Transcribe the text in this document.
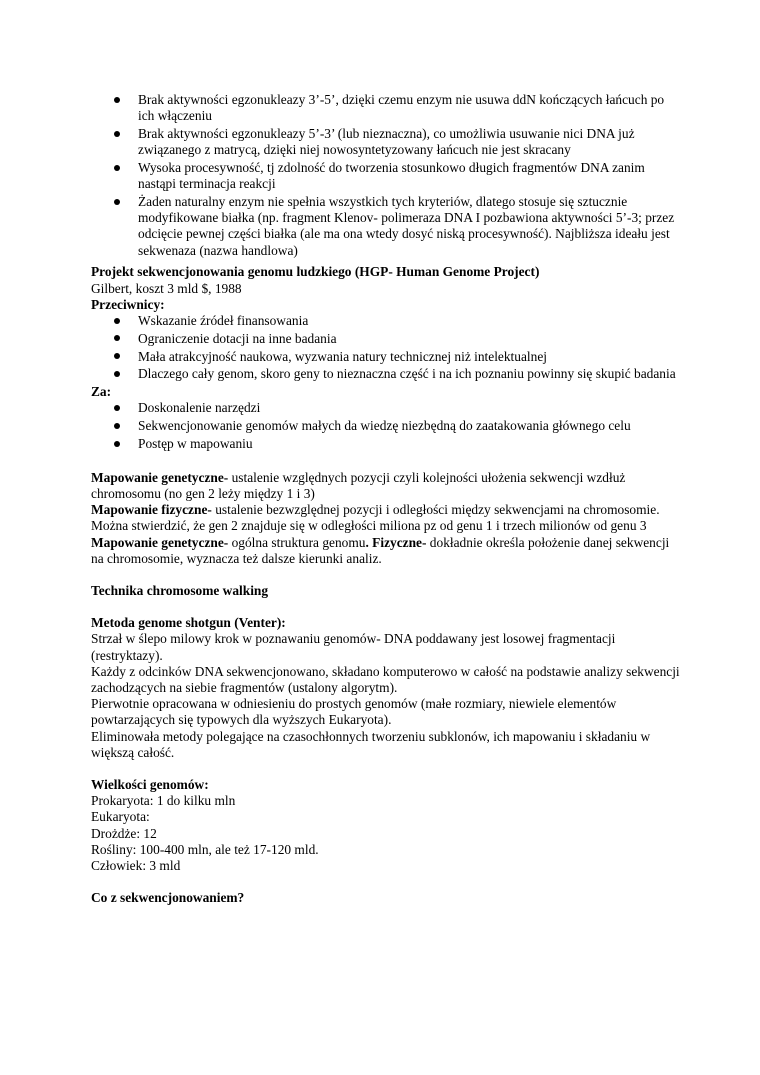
Brak aktywności egzonukleazy 3’-5’, dzięki czemu enzym nie usuwa ddN kończących łańcuch po ich włączeniu
Brak aktywności egzonukleazy 5’-3’ (lub nieznaczna), co umożliwia usuwanie nici DNA już związanego z matrycą, dzięki niej nowosyntetyzowany łańcuch nie jest skracany
Wysoka procesywność, tj zdolność do tworzenia stosunkowo długich fragmentów DNA zanim nastąpi terminacja reakcji
Żaden naturalny enzym nie spełnia wszystkich tych kryteriów, dlatego stosuje się sztucznie modyfikowane białka (np. fragment Klenov- polimeraza DNA I pozbawiona aktywności 5’-3; przez odcięcie pewnej części białka (ale ma ona wtedy dosyć niską procesywność). Najbliższa ideału jest sekwenaza (nazwa handlowa)

Projekt sekwencjonowania genomu ludzkiego (HGP- Human Genome Project)

Gilbert, koszt 3 mld $, 1988

Przeciwnicy:

Wskazanie źródeł finansowania
Ograniczenie dotacji na inne badania
Mała atrakcyjność naukowa, wyzwania natury technicznej niż intelektualnej
Dlaczego cały genom, skoro geny to nieznaczna część i na ich poznaniu powinny się skupić badania

Za:

Doskonalenie narzędzi
Sekwencjonowanie genomów małych da wiedzę niezbędną do zaatakowania głównego celu
Postęp w mapowaniu

Mapowanie genetyczne- ustalenie względnych pozycji czyli kolejności ułożenia sekwencji wzdłuż chromosomu (no gen 2 leży między 1 i 3)

Mapowanie fizyczne- ustalenie bezwzględnej pozycji i odległości między sekwencjami na chromosomie. Można stwierdzić, że gen 2 znajduje się w odległości miliona pz od genu 1 i trzech milionów od genu 3

Mapowanie genetyczne- ogólna struktura genomu. Fizyczne- dokładnie określa położenie danej sekwencji na chromosomie, wyznacza też dalsze kierunki analiz.

Technika chromosome walking

Metoda genome shotgun (Venter):

Strzał w ślepo milowy krok w poznawaniu genomów- DNA poddawany jest losowej fragmentacji (restryktazy).

Każdy z odcinków DNA sekwencjonowano, składano komputerowo w całość na podstawie analizy sekwencji zachodzących na siebie fragmentów (ustalony algorytm).

Pierwotnie opracowana w odniesieniu do prostych genomów (małe rozmiary, niewiele elementów powtarzających się typowych dla wyższych Eukaryota).

Eliminowała metody polegające na czasochłonnych tworzeniu subklonów, ich mapowaniu i składaniu w większą całość.

Wielkości genomów:

Prokaryota: 1 do kilku mln

Eukaryota:

Drożdże: 12

Rośliny: 100-400 mln, ale też 17-120 mld.

Człowiek: 3 mld

Co z sekwencjonowaniem?
